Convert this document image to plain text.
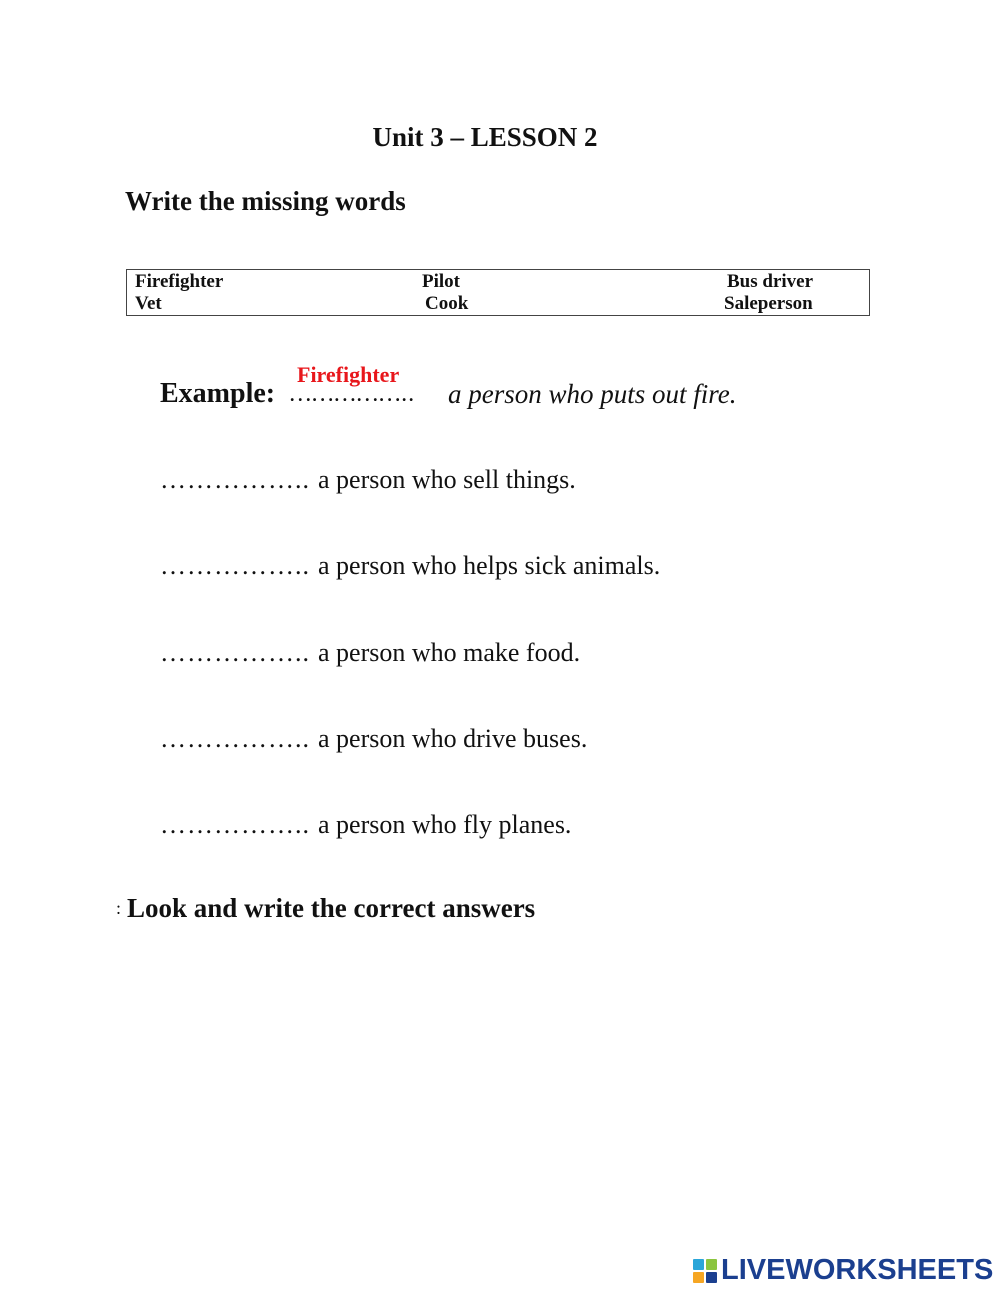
Unit 3 – LESSON 2
Write the missing words
Firefighter	Pilot	Bus driver
Vet	Cook	Saleperson
Firefighter
Example: …………….. a person who puts out fire.
…………….. a person who sell things.
…………….. a person who helps sick animals.
…………….. a person who make food.
…………….. a person who drive buses.
…………….. a person who fly planes.
: Look and write the correct answers
LIVEWORKSHEETS
